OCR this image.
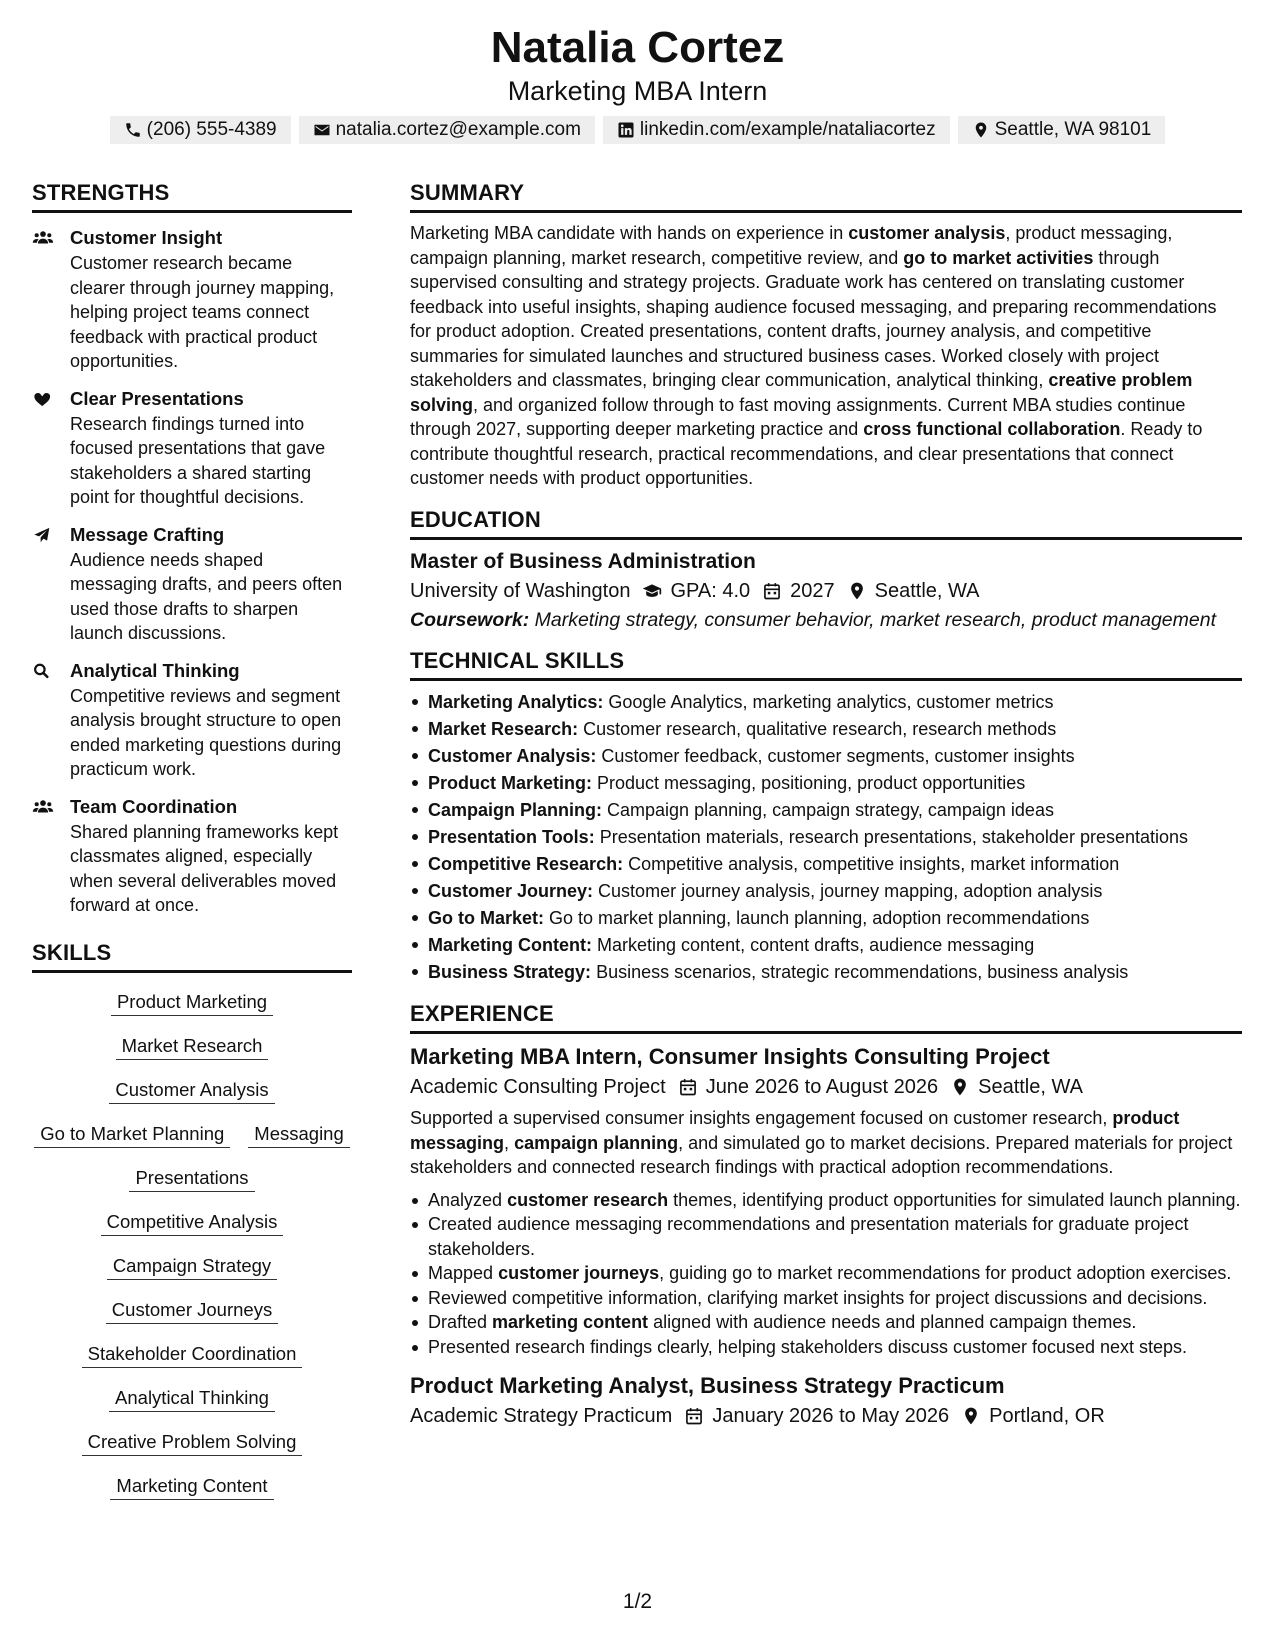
Natalia Cortez
Marketing MBA Intern
(206) 555-4389	natalia.cortez@example.com	linkedin.com/example/nataliacortez	Seattle, WA 98101
STRENGTHS
Customer Insight
Customer research became clearer through journey mapping, helping project teams connect feedback with practical product opportunities.
Clear Presentations
Research findings turned into focused presentations that gave stakeholders a shared starting point for thoughtful decisions.
Message Crafting
Audience needs shaped messaging drafts, and peers often used those drafts to sharpen launch discussions.
Analytical Thinking
Competitive reviews and segment analysis brought structure to open ended marketing questions during practicum work.
Team Coordination
Shared planning frameworks kept classmates aligned, especially when several deliverables moved forward at once.
SKILLS
Product Marketing
Market Research
Customer Analysis
Go to Market Planning	Messaging
Presentations
Competitive Analysis
Campaign Strategy
Customer Journeys
Stakeholder Coordination
Analytical Thinking
Creative Problem Solving
Marketing Content
SUMMARY
Marketing MBA candidate with hands on experience in customer analysis, product messaging, campaign planning, market research, competitive review, and go to market activities through supervised consulting and strategy projects. Graduate work has centered on translating customer feedback into useful insights, shaping audience focused messaging, and preparing recommendations for product adoption. Created presentations, content drafts, journey analysis, and competitive summaries for simulated launches and structured business cases. Worked closely with project stakeholders and classmates, bringing clear communication, analytical thinking, creative problem solving, and organized follow through to fast moving assignments. Current MBA studies continue through 2027, supporting deeper marketing practice and cross functional collaboration. Ready to contribute thoughtful research, practical recommendations, and clear presentations that connect customer needs with product opportunities.
EDUCATION
Master of Business Administration
University of Washington GPA: 4.0 2027 Seattle, WA
Coursework: Marketing strategy, consumer behavior, market research, product management
TECHNICAL SKILLS
Marketing Analytics: Google Analytics, marketing analytics, customer metrics
Market Research: Customer research, qualitative research, research methods
Customer Analysis: Customer feedback, customer segments, customer insights
Product Marketing: Product messaging, positioning, product opportunities
Campaign Planning: Campaign planning, campaign strategy, campaign ideas
Presentation Tools: Presentation materials, research presentations, stakeholder presentations
Competitive Research: Competitive analysis, competitive insights, market information
Customer Journey: Customer journey analysis, journey mapping, adoption analysis
Go to Market: Go to market planning, launch planning, adoption recommendations
Marketing Content: Marketing content, content drafts, audience messaging
Business Strategy: Business scenarios, strategic recommendations, business analysis
EXPERIENCE
Marketing MBA Intern, Consumer Insights Consulting Project
Academic Consulting Project June 2026 to August 2026 Seattle, WA
Supported a supervised consumer insights engagement focused on customer research, product messaging, campaign planning, and simulated go to market decisions. Prepared materials for project stakeholders and connected research findings with practical adoption recommendations.
Analyzed customer research themes, identifying product opportunities for simulated launch planning.
Created audience messaging recommendations and presentation materials for graduate project stakeholders.
Mapped customer journeys, guiding go to market recommendations for product adoption exercises.
Reviewed competitive information, clarifying market insights for project discussions and decisions.
Drafted marketing content aligned with audience needs and planned campaign themes.
Presented research findings clearly, helping stakeholders discuss customer focused next steps.
Product Marketing Analyst, Business Strategy Practicum
Academic Strategy Practicum January 2026 to May 2026 Portland, OR
1/2
